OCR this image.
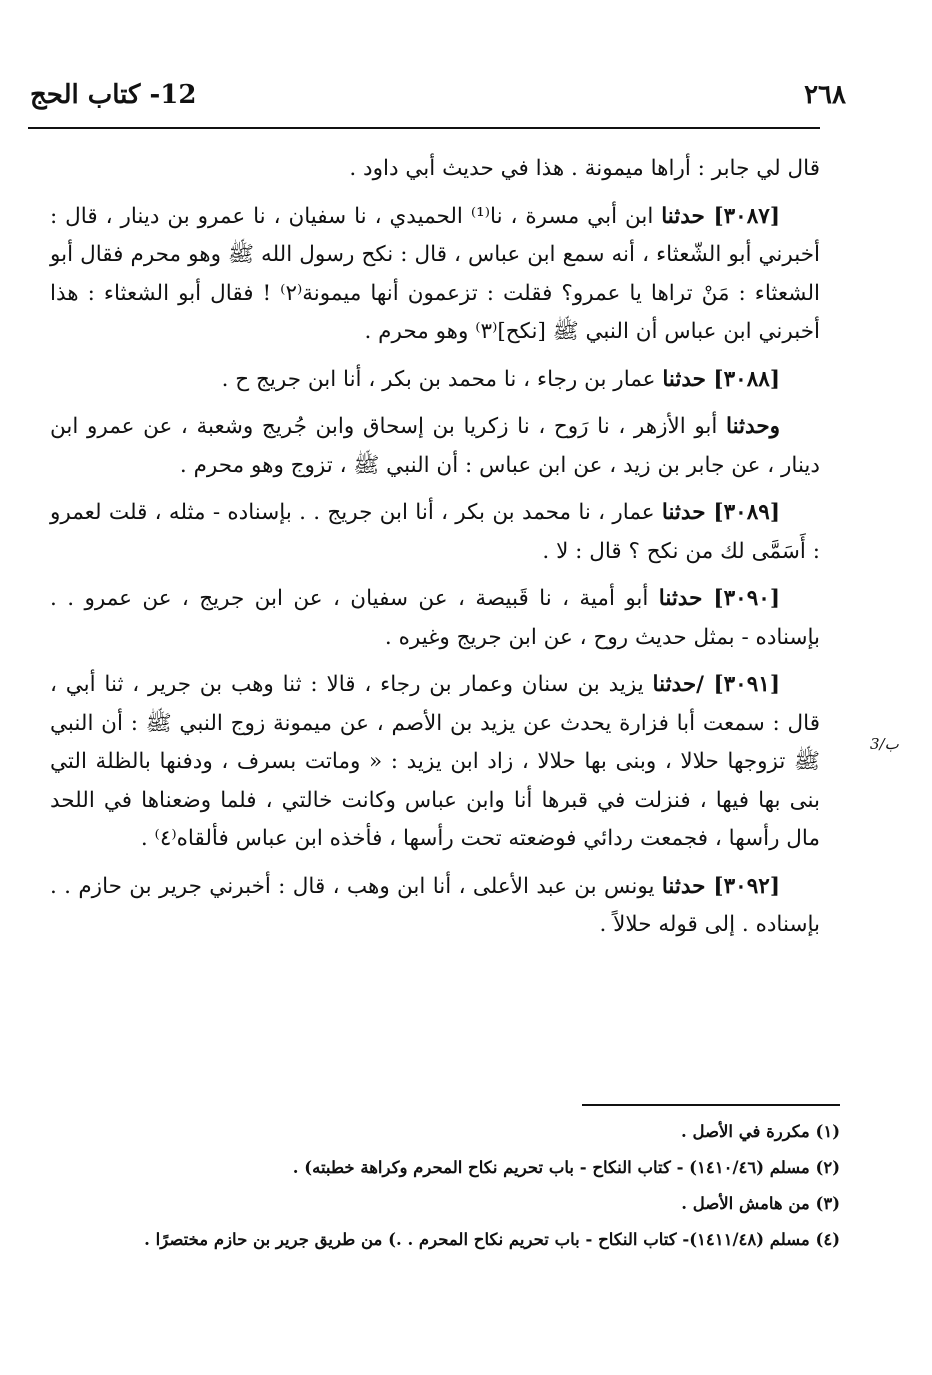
٢٦٨
12- كتاب الحج
3/ب

قال لي جابر : أراها ميمونة . هذا في حديث أبي داود .

[٣٠٨٧] حدثنا ابن أبي مسرة ، نا⁽¹⁾ الحميدي ، نا سفيان ، نا عمرو بن دينار ، قال : أخبرني أبو الشّعثاء ، أنه سمع ابن عباس ، قال : نكح رسول الله ﷺ وهو محرم فقال أبو الشعثاء : مَنْ تراها يا عمرو؟ فقلت : تزعمون أنها ميمونة⁽٢⁾ ! فقال أبو الشعثاء : هذا أخبرني ابن عباس أن النبي ﷺ [نكح]⁽٣⁾ وهو محرم .

[٣٠٨٨] حدثنا عمار بن رجاء ، نا محمد بن بكر ، أنا ابن جريج ح .

وحدثنا أبو الأزهر ، نا رَوح ، نا زكريا بن إسحاق وابن جُريج وشعبة ، عن عمرو ابن دينار ، عن جابر بن زيد ، عن ابن عباس : أن النبي ﷺ ، تزوج وهو محرم .

[٣٠٨٩] حدثنا عمار ، نا محمد بن بكر ، أنا ابن جريج . . بإسناده - مثله ، قلت لعمرو : أَسَمَّى لك من نكح ؟ قال : لا .

[٣٠٩٠] حدثنا أبو أمية ، نا قَبيصة ، عن سفيان ، عن ابن جريج ، عن عمرو . . بإسناده - بمثل حديث روح ، عن ابن جريج وغيره .

[٣٠٩١] /حدثنا يزيد بن سنان وعمار بن رجاء ، قالا : ثنا وهب بن جرير ، ثنا أبي ، قال : سمعت أبا فزارة يحدث عن يزيد بن الأصم ، عن ميمونة زوج النبي ﷺ : أن النبي ﷺ تزوجها حلالا ، وبنى بها حلالا ، زاد ابن يزيد : « وماتت بسرف ، ودفنها بالظلة التي بنى بها فيها ، فنزلت في قبرها أنا وابن عباس وكانت خالتي ، فلما وضعناها في اللحد مال رأسها ، فجمعت ردائي فوضعته تحت رأسها ، فأخذه ابن عباس فألقاه⁽٤⁾ .

[٣٠٩٢] حدثنا يونس بن عبد الأعلى ، أنا ابن وهب ، قال : أخبرني جرير بن حازم . . بإسناده . إلى قوله حلالاً .

(١) مكررة في الأصل .

(٢) مسلم (١٤١٠/٤٦) - كتاب النكاح - باب تحريم نكاح المحرم وكراهة خطبته) .

(٣) من هامش الأصل .

(٤) مسلم (١٤١١/٤٨)- كتاب النكاح - باب تحريم نكاح المحرم . .) من طريق جرير بن حازم مختصرًا .
